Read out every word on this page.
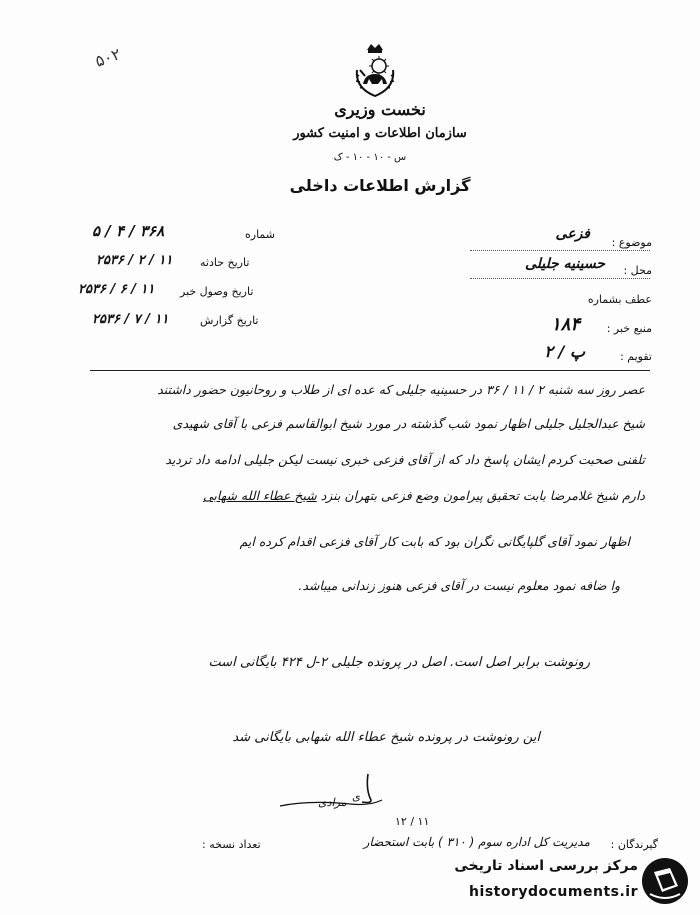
۵۰۲
نخست وزیری
سازمان اطلاعات و امنیت کشور
س - ۱۰ - ۱۰ - ک
گزارش اطلاعات داخلی
موضوع :
فزعی
محل :
حسینیه جلیلی
عطف بشماره
منبع خبر :
۱۸۴
تقویم :
پ / ۲
شماره
۳۶۸ / ۴ / ۵
تاریخ حادثه
۱۱ / ۲ / ۲۵۳۶
تاریخ وصول خبر
۱۱ / ۶ / ۲۵۳۶
تاریخ گزارش
۱۱ / ۷ / ۲۵۳۶
عصر روز سه شنبه ۲ / ۱۱ / ۳۶ در حسینیه جلیلی که عده ای از طلاب و روحانیون حضور داشتند
شیخ عبدالجلیل جلیلی اظهار نمود شب گذشته در مورد شیخ ابوالقاسم فزعی با آقای شهیدی
تلفنی صحبت کردم ایشان پاسخ داد که از آقای فزعی خبری نیست لیکن جلیلی ادامه داد تردید
دارم شیخ غلامرضا بابت تحقیق پیرامون وضع فزعی بتهران بنزد شیخ عطاء الله شهابی
اظهار نمود آقای گلپایگانی نگران بود که بابت کار آقای فزعی اقدام کرده ایم
وا ضافه نمود معلوم نیست در آقای فزعی هنوز زندانی میباشد.
رونوشت برابر اصل است. اصل در پرونده جلیلی ۲-ل ۴۲۴ بایگانی است
این رونوشت در پرونده شیخ عطاء الله شهابی بایگانی شد
ی
مرادی
۱۱ / ۱۲
گیرندگان :
مدیریت کل اداره سوم ( ۳۱۰ ) بابت استحضار
تعداد نسخه :
مرکز بررسی اسناد تاریخی
historydocuments.ir
